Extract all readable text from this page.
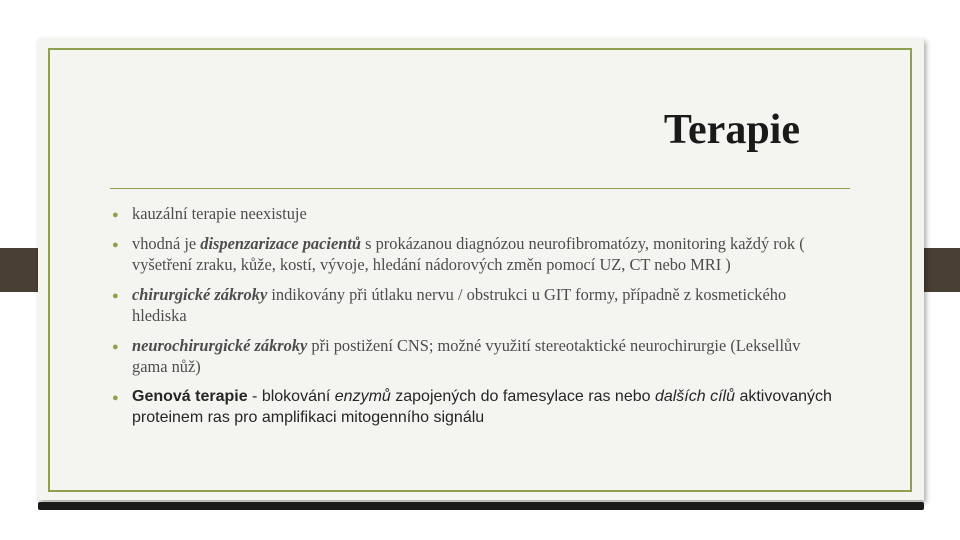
Terapie
● kauzální terapie neexistuje
● vhodná je dispenzarizace pacientů s prokázanou diagnózou neurofibromatózy, monitoring každý rok ( vyšetření zraku, kůže, kostí, vývoje, hledání nádorových změn pomocí UZ, CT nebo MRI )
● chirurgické zákroky indikovány při útlaku nervu / obstrukci u GIT formy, případně z kosmetického hlediska
● neurochirurgické zákroky při postižení CNS; možné využití stereotaktické neurochirurgie (Leksellův gama nůž)
● Genová terapie - blokování enzymů zapojených do famesylace ras nebo dalších cílů aktivovaných proteinem ras pro amplifikaci mitogenního signálu
